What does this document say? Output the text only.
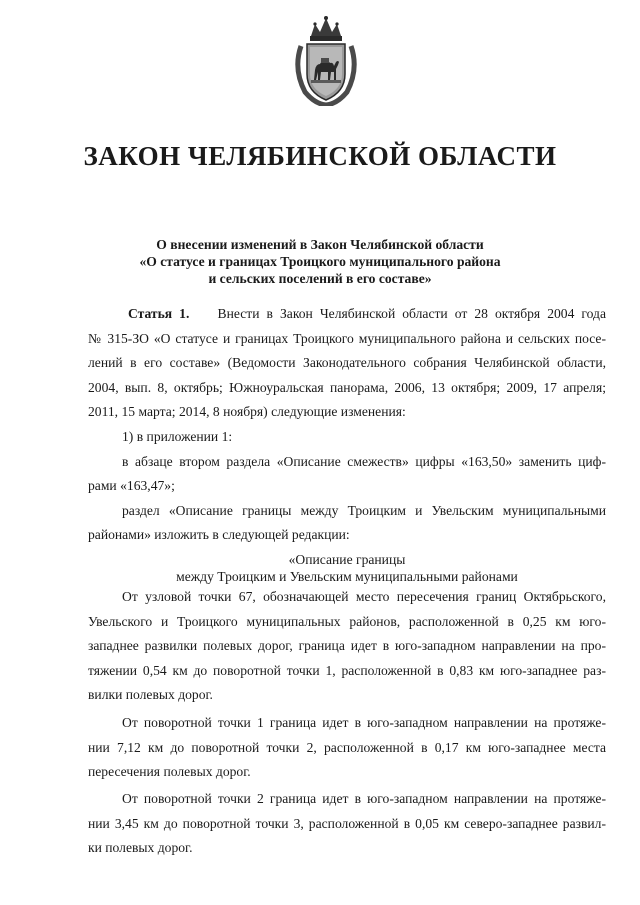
ЗАКОН ЧЕЛЯБИНСКОЙ ОБЛАСТИ
О внесении изменений в Закон Челябинской области
«О статусе и границах Троицкого муниципального района
и сельских поселений в его составе»
Статья 1. Внести в Закон Челябинской области от 28 октября 2004 года
№ 315-ЗО «О статусе и границах Троицкого муниципального района и сельских посе-
лений в его составе» (Ведомости Законодательного собрания Челябинской области,
2004, вып. 8, октябрь; Южноуральская панорама, 2006, 13 октября; 2009, 17 апреля;
2011, 15 марта; 2014, 8 ноября) следующие изменения:
1) в приложении 1:
в абзаце втором раздела «Описание смежеств» цифры «163,50» заменить циф-
рами «163,47»;
раздел «Описание границы между Троицким и Увельским муниципальными
районами» изложить в следующей редакции:
«Описание границы
между Троицким и Увельским муниципальными районами
От узловой точки 67, обозначающей место пересечения границ Октябрьского,
Увельского и Троицкого муниципальных районов, расположенной в 0,25 км юго-
западнее развилки полевых дорог, граница идет в юго-западном направлении на про-
тяжении 0,54 км до поворотной точки 1, расположенной в 0,83 км юго-западнее раз-
вилки полевых дорог.
От поворотной точки 1 граница идет в юго-западном направлении на протяже-
нии 7,12 км до поворотной точки 2, расположенной в 0,17 км юго-западнее места
пересечения полевых дорог.
От поворотной точки 2 граница идет в юго-западном направлении на протяже-
нии 3,45 км до поворотной точки 3, расположенной в 0,05 км северо-западнее развил-
ки полевых дорог.
